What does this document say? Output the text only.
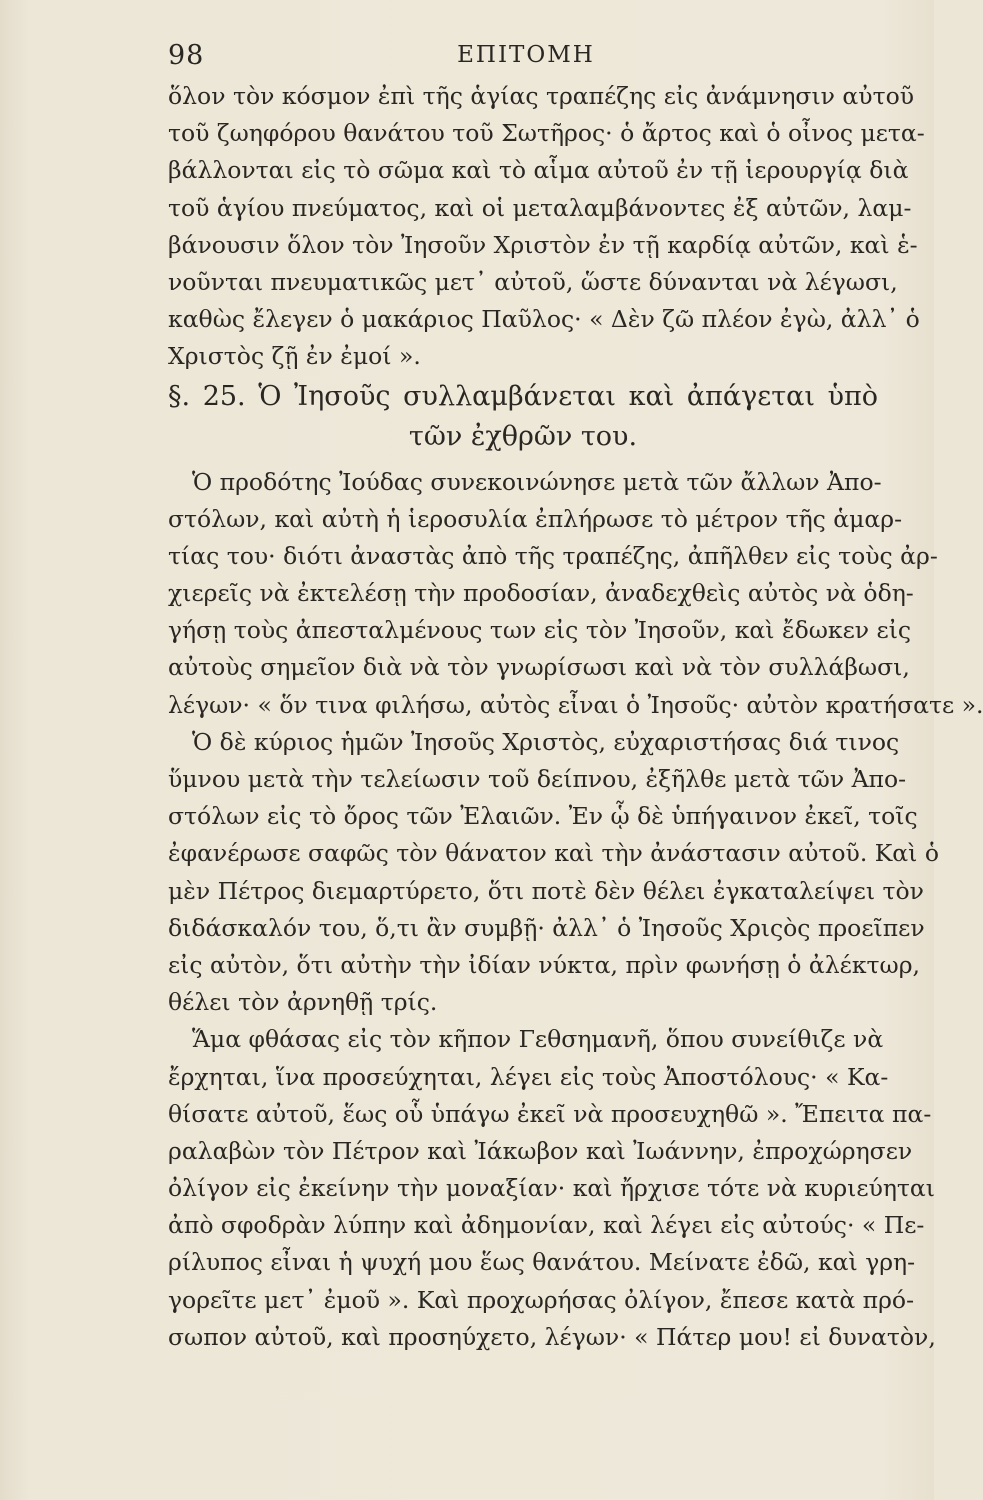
98	ΕΠΙΤΟΜΗ
ὅλον τὸν κόσμον ἐπὶ τῆς ἁγίας τραπέζης εἰς ἀνάμνησιν αὐτοῦ
τοῦ ζωηφόρου θανάτου τοῦ Σωτῆρος· ὁ ἄρτος καὶ ὁ οἶνος μετα-
βάλλονται εἰς τὸ σῶμα καὶ τὸ αἷμα αὐτοῦ ἐν τῇ ἱερουργίᾳ διὰ
τοῦ ἁγίου πνεύματος, καὶ οἱ μεταλαμβάνοντες ἐξ αὐτῶν, λαμ-
βάνουσιν ὅλον τὸν Ἰησοῦν Χριστὸν ἐν τῇ καρδίᾳ αὐτῶν, καὶ ἑ-
νοῦνται πνευματικῶς μετ᾽ αὐτοῦ, ὥστε δύνανται νὰ λέγωσι,
καθὼς ἔλεγεν ὁ μακάριος Παῦλος· « Δὲν ζῶ πλέον ἐγὼ, ἀλλ᾽ ὁ
Χριστὸς ζῇ ἐν ἐμοί ».
§. 25. Ὁ Ἰησοῦς συλλαμβάνεται καὶ ἀπάγεται ὑπὸ
τῶν ἐχθρῶν του.
Ὁ προδότης Ἰούδας συνεκοινώνησε μετὰ τῶν ἄλλων Ἀπο-
στόλων, καὶ αὐτὴ ἡ ἱεροσυλία ἐπλήρωσε τὸ μέτρον τῆς ἁμαρ-
τίας του· διότι ἀναστὰς ἀπὸ τῆς τραπέζης, ἀπῆλθεν εἰς τοὺς ἀρ-
χιερεῖς νὰ ἐκτελέσῃ τὴν προδοσίαν, ἀναδεχθεὶς αὐτὸς νὰ ὁδη-
γήσῃ τοὺς ἀπεσταλμένους των εἰς τὸν Ἰησοῦν, καὶ ἔδωκεν εἰς
αὐτοὺς σημεῖον διὰ νὰ τὸν γνωρίσωσι καὶ νὰ τὸν συλλάβωσι,
λέγων· « ὅν τινα φιλήσω, αὐτὸς εἶναι ὁ Ἰησοῦς· αὐτὸν κρατήσατε ».
Ὁ δὲ κύριος ἡμῶν Ἰησοῦς Χριστὸς, εὐχαριστήσας διά τινος
ὕμνου μετὰ τὴν τελείωσιν τοῦ δείπνου, ἐξῆλθε μετὰ τῶν Ἀπο-
στόλων εἰς τὸ ὄρος τῶν Ἐλαιῶν. Ἐν ᾧ δὲ ὑπήγαινον ἐκεῖ, τοῖς
ἐφανέρωσε σαφῶς τὸν θάνατον καὶ τὴν ἀνάστασιν αὐτοῦ. Καὶ ὁ
μὲν Πέτρος διεμαρτύρετο, ὅτι ποτὲ δὲν θέλει ἐγκαταλείψει τὸν
διδάσκαλόν του, ὅ,τι ἂν συμβῇ· ἀλλ᾽ ὁ Ἰησοῦς Χριςὸς προεῖπεν
εἰς αὐτὸν, ὅτι αὐτὴν τὴν ἰδίαν νύκτα, πρὶν φωνήσῃ ὁ ἀλέκτωρ,
θέλει τὸν ἀρνηθῇ τρίς.
Ἅμα φθάσας εἰς τὸν κῆπον Γεθσημανῆ, ὅπου συνείθιζε νὰ
ἔρχηται, ἵνα προσεύχηται, λέγει εἰς τοὺς Ἀποστόλους· « Κα-
θίσατε αὐτοῦ, ἕως οὗ ὑπάγω ἐκεῖ νὰ προσευχηθῶ ». Ἔπειτα πα-
ραλαβὼν τὸν Πέτρον καὶ Ἰάκωβον καὶ Ἰωάννην, ἐπροχώρησεν
ὀλίγον εἰς ἐκείνην τὴν μοναξίαν· καὶ ἤρχισε τότε νὰ κυριεύηται
ἀπὸ σφοδρὰν λύπην καὶ ἀδημονίαν, καὶ λέγει εἰς αὐτούς· « Πε-
ρίλυπος εἶναι ἡ ψυχή μου ἕως θανάτου. Μείνατε ἐδῶ, καὶ γρη-
γορεῖτε μετ᾽ ἐμοῦ ». Καὶ προχωρήσας ὀλίγον, ἔπεσε κατὰ πρό-
σωπον αὐτοῦ, καὶ προσηύχετο, λέγων· « Πάτερ μου! εἰ δυνατὸν,
